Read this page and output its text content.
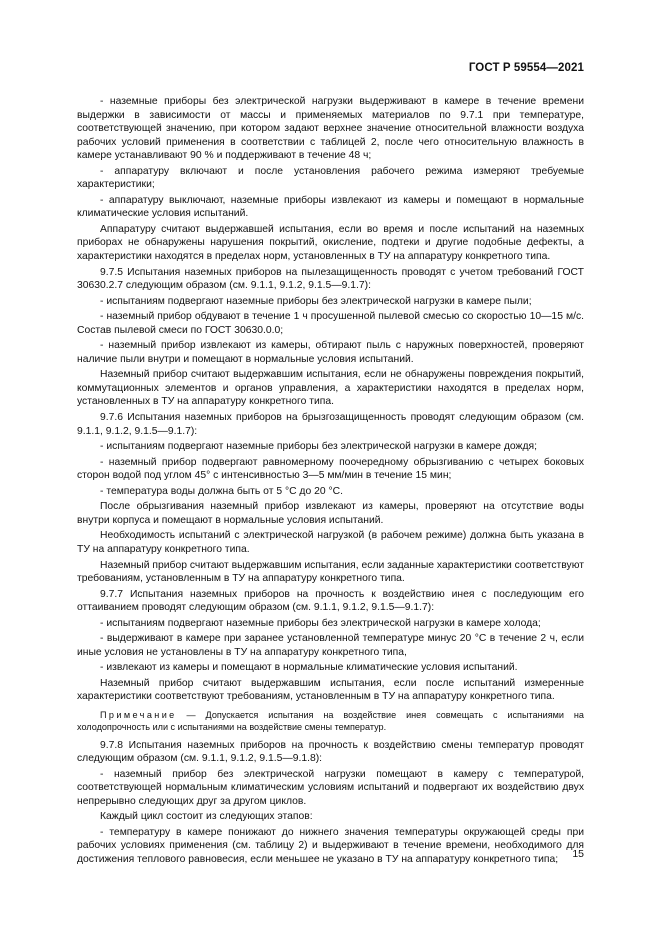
ГОСТ Р 59554—2021

- наземные приборы без электрической нагрузки выдерживают в камере в течение времени выдержки в зависимости от массы и применяемых материалов по 9.7.1 при температуре, соответствующей значению, при котором задают верхнее значение относительной влажности воздуха рабочих условий применения в соответствии с таблицей 2, после чего относительную влажность в камере устанавливают 90 % и поддерживают в течение 48 ч;

- аппаратуру включают и после установления рабочего режима измеряют требуемые характеристики;

- аппаратуру выключают, наземные приборы извлекают из камеры и помещают в нормальные климатические условия испытаний.

Аппаратуру считают выдержавшей испытания, если во время и после испытаний на наземных приборах не обнаружены нарушения покрытий, окисление, подтеки и другие подобные дефекты, а характеристики находятся в пределах норм, установленных в ТУ на аппаратуру конкретного типа.

9.7.5 Испытания наземных приборов на пылезащищенность проводят с учетом требований ГОСТ 30630.2.7 следующим образом (см. 9.1.1, 9.1.2, 9.1.5—9.1.7):

- испытаниям подвергают наземные приборы без электрической нагрузки в камере пыли;

- наземный прибор обдувают в течение 1 ч просушенной пылевой смесью со скоростью 10—15 м/с. Состав пылевой смеси по ГОСТ 30630.0.0;

- наземный прибор извлекают из камеры, обтирают пыль с наружных поверхностей, проверяют наличие пыли внутри и помещают в нормальные условия испытаний.

Наземный прибор считают выдержавшим испытания, если не обнаружены повреждения покрытий, коммутационных элементов и органов управления, а характеристики находятся в пределах норм, установленных в ТУ на аппаратуру конкретного типа.

9.7.6 Испытания наземных приборов на брызгозащищенность проводят следующим образом (см. 9.1.1, 9.1.2, 9.1.5—9.1.7):

- испытаниям подвергают наземные приборы без электрической нагрузки в камере дождя;

- наземный прибор подвергают равномерному поочередному обрызгиванию с четырех боковых сторон водой под углом 45° с интенсивностью 3—5 мм/мин в течение 15 мин;

- температура воды должна быть от 5 °С до 20 °С.

После обрызгивания наземный прибор извлекают из камеры, проверяют на отсутствие воды внутри корпуса и помещают в нормальные условия испытаний.

Необходимость испытаний с электрической нагрузкой (в рабочем режиме) должна быть указана в ТУ на аппаратуру конкретного типа.

Наземный прибор считают выдержавшим испытания, если заданные характеристики соответствуют требованиям, установленным в ТУ на аппаратуру конкретного типа.

9.7.7 Испытания наземных приборов на прочность к воздействию инея с последующим его оттаиванием проводят следующим образом (см. 9.1.1, 9.1.2, 9.1.5—9.1.7):

- испытаниям подвергают наземные приборы без электрической нагрузки в камере холода;

- выдерживают в камере при заранее установленной температуре минус 20 °С в течение 2 ч, если иные условия не установлены в ТУ на аппаратуру конкретного типа,

- извлекают из камеры и помещают в нормальные климатические условия испытаний.

Наземный прибор считают выдержавшим испытания, если после испытаний измеренные характеристики соответствуют требованиям, установленным в ТУ на аппаратуру конкретного типа.

Примечание — Допускается испытания на воздействие инея совмещать с испытаниями на холодопрочность или с испытаниями на воздействие смены температур.

9.7.8 Испытания наземных приборов на прочность к воздействию смены температур проводят следующим образом (см. 9.1.1, 9.1.2, 9.1.5—9.1.8):

- наземный прибор без электрической нагрузки помещают в камеру с температурой, соответствующей нормальным климатическим условиям испытаний и подвергают их воздействию двух непрерывно следующих друг за другом циклов.

Каждый цикл состоит из следующих этапов:

- температуру в камере понижают до нижнего значения температуры окружающей среды при рабочих условиях применения (см. таблицу 2) и выдерживают в течение времени, необходимого для достижения теплового равновесия, если меньшее не указано в ТУ на аппаратуру конкретного типа;	15
